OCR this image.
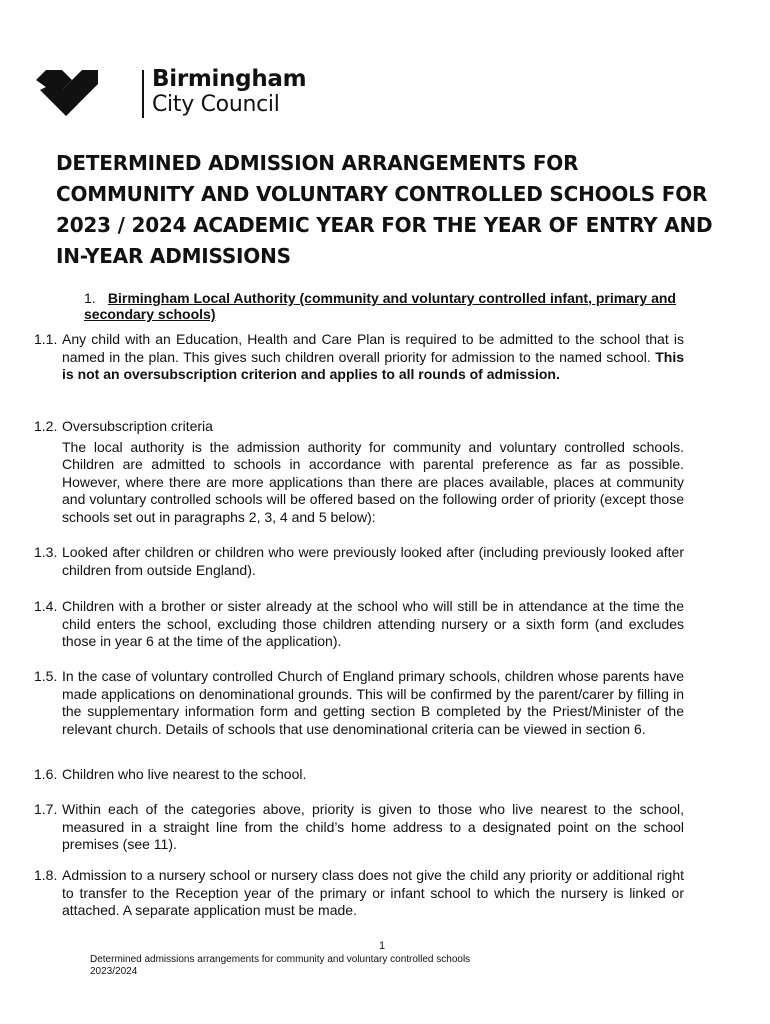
Birmingham
City Council
DETERMINED ADMISSION ARRANGEMENTS FOR COMMUNITY AND VOLUNTARY CONTROLLED SCHOOLS FOR 2023 / 2024 ACADEMIC YEAR FOR THE YEAR OF ENTRY AND IN-YEAR ADMISSIONS
1. Birmingham Local Authority (community and voluntary controlled infant, primary and secondary schools)
1.1. Any child with an Education, Health and Care Plan is required to be admitted to the school that is named in the plan. This gives such children overall priority for admission to the named school. This is not an oversubscription criterion and applies to all rounds of admission.

1.2. Oversubscription criteria

The local authority is the admission authority for community and voluntary controlled schools. Children are admitted to schools in accordance with parental preference as far as possible. However, where there are more applications than there are places available, places at community and voluntary controlled schools will be offered based on the following order of priority (except those schools set out in paragraphs 2, 3, 4 and 5 below):

1.3. Looked after children or children who were previously looked after (including previously looked after children from outside England).

1.4. Children with a brother or sister already at the school who will still be in attendance at the time the child enters the school, excluding those children attending nursery or a sixth form (and excludes those in year 6 at the time of the application).

1.5. In the case of voluntary controlled Church of England primary schools, children whose parents have made applications on denominational grounds. This will be confirmed by the parent/carer by filling in the supplementary information form and getting section B completed by the Priest/Minister of the relevant church. Details of schools that use denominational criteria can be viewed in section 6.

1.6. Children who live nearest to the school.

1.7. Within each of the categories above, priority is given to those who live nearest to the school, measured in a straight line from the child’s home address to a designated point on the school premises (see 11).

1.8. Admission to a nursery school or nursery class does not give the child any priority or additional right to transfer to the Reception year of the primary or infant school to which the nursery is linked or attached. A separate application must be made.

1
Determined admissions arrangements for community and voluntary controlled schools
2023/2024
